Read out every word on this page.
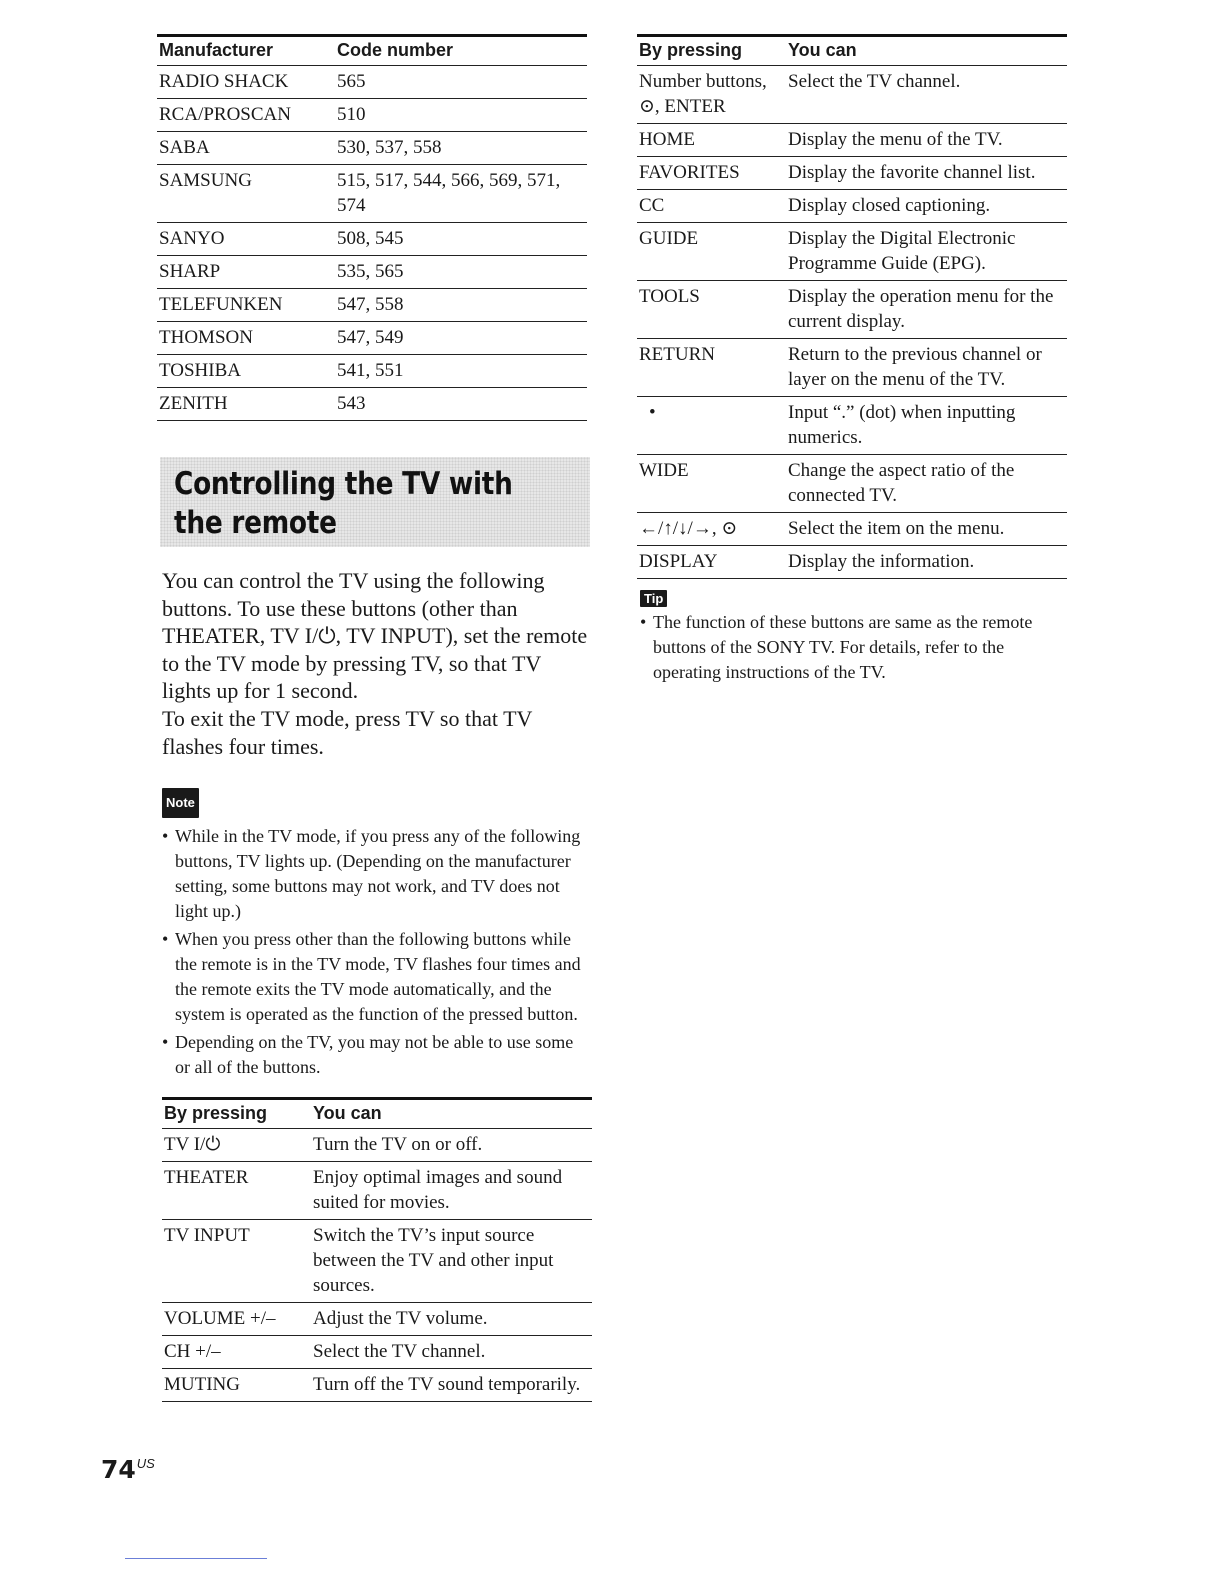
Manufacturer	Code number
RADIO SHACK	565
RCA/PROSCAN	510
SABA	530, 537, 558
SAMSUNG	515, 517, 544, 566, 569, 571, 574
SANYO	508, 545
SHARP	535, 565
TELEFUNKEN	547, 558
THOMSON	547, 549
TOSHIBA	541, 551
ZENITH	543
Controlling the TV with the remote

You can control the TV using the following buttons. To use these buttons (other than THEATER, TV I/⏻, TV INPUT), set the remote to the TV mode by pressing TV, so that TV lights up for 1 second.

To exit the TV mode, press TV so that TV flashes four times.

Note
• While in the TV mode, if you press any of the following buttons, TV lights up. (Depending on the manufacturer setting, some buttons may not work, and TV does not light up.)
• When you press other than the following buttons while the remote is in the TV mode, TV flashes four times and the remote exits the TV mode automatically, and the system is operated as the function of the pressed button.
• Depending on the TV, you may not be able to use some or all of the buttons.
By pressing	You can
TV I/⏻	Turn the TV on or off.
THEATER	Enjoy optimal images and sound suited for movies.
TV INPUT	Switch the TV’s input source between the TV and other input sources.
VOLUME +/–	Adjust the TV volume.
CH +/–	Select the TV channel.
MUTING	Turn off the TV sound temporarily.
By pressing	You can
Number buttons, ⊙, ENTER	Select the TV channel.
HOME	Display the menu of the TV.
FAVORITES	Display the favorite channel list.
CC	Display closed captioning.
GUIDE	Display the Digital Electronic Programme Guide (EPG).
TOOLS	Display the operation menu for the current display.
RETURN	Return to the previous channel or layer on the menu of the TV.
•	Input “.” (dot) when inputting numerics.
WIDE	Change the aspect ratio of the connected TV.
←/↑/↓/→, ⊙	Select the item on the menu.
DISPLAY	Display the information.
Tip
• The function of these buttons are same as the remote buttons of the SONY TV. For details, refer to the operating instructions of the TV.
$74^{US}$
